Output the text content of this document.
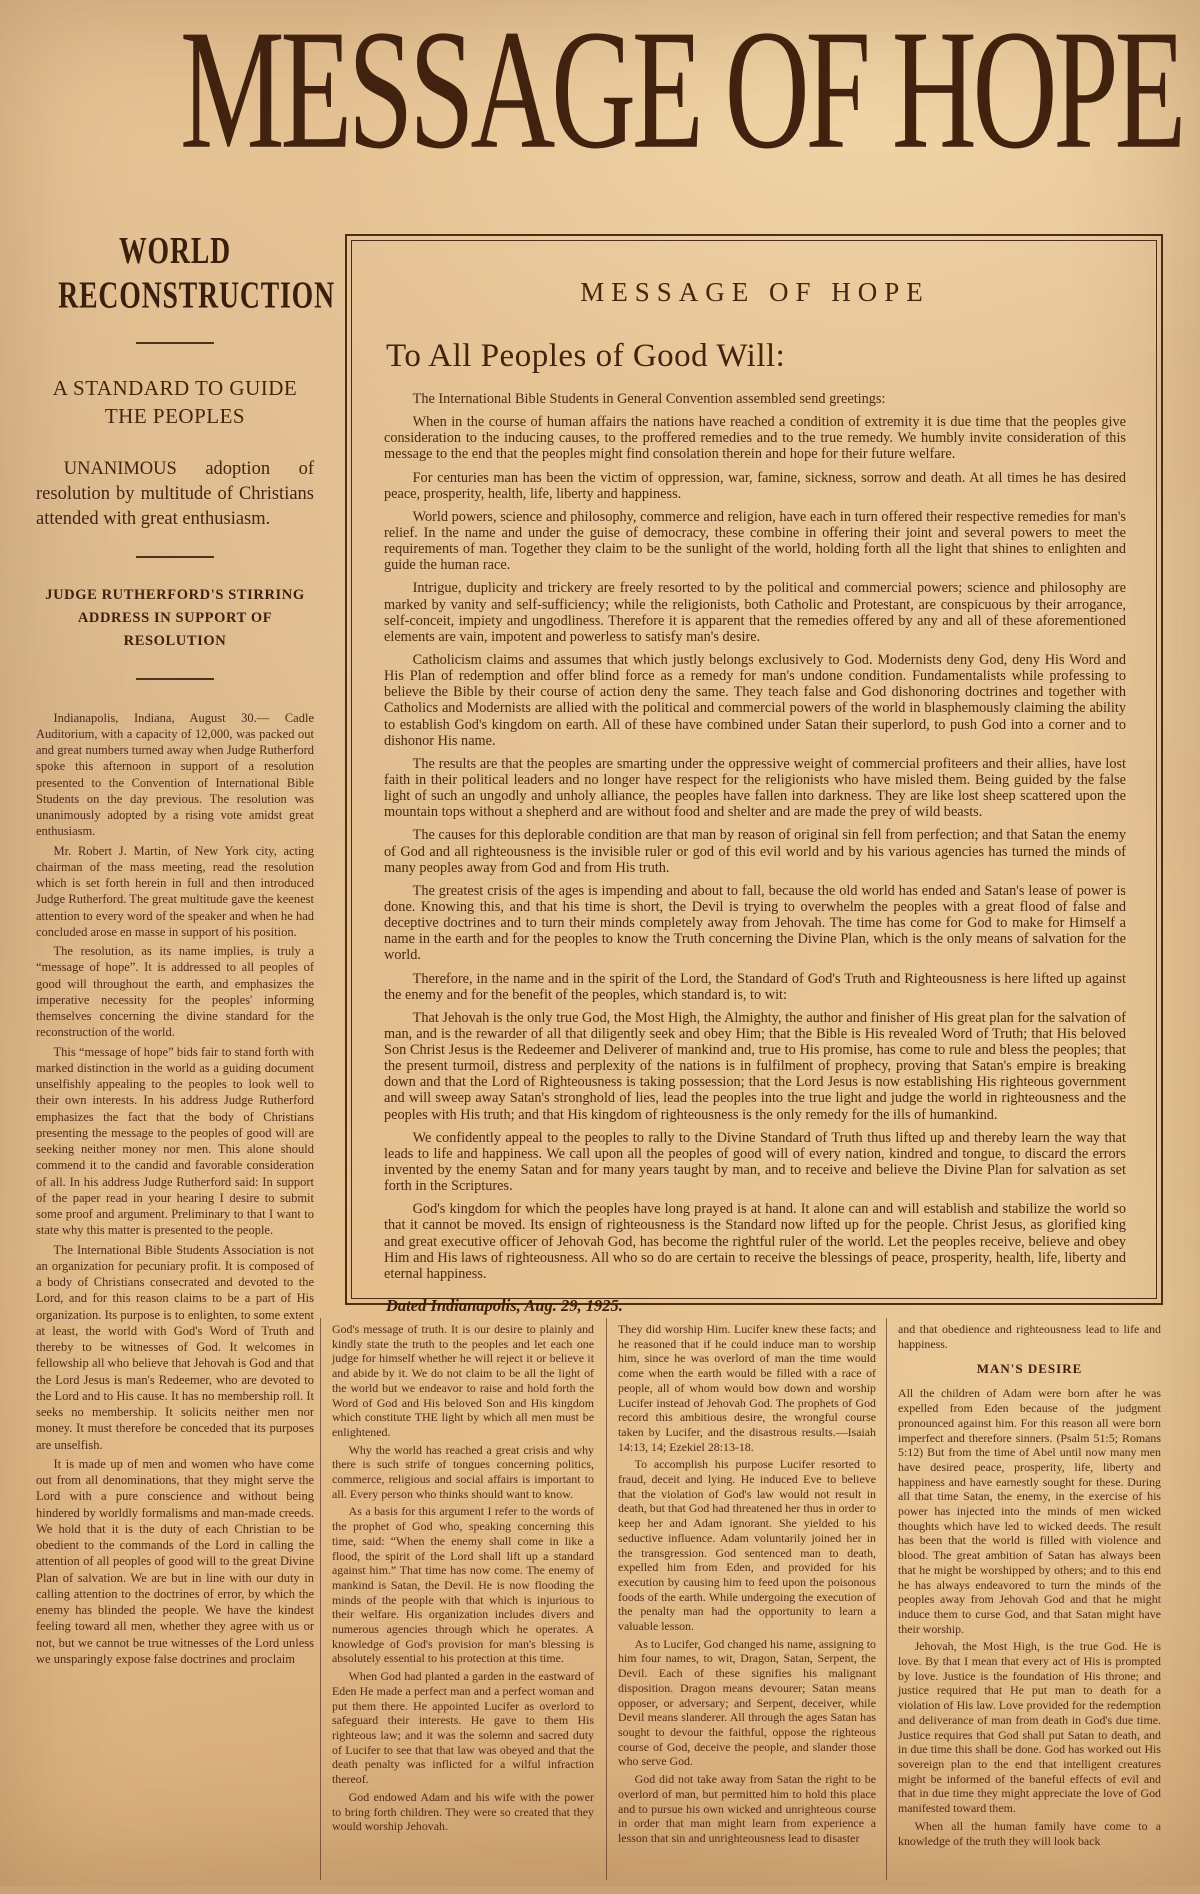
MESSAGE OF HOPE
WORLD RECONSTRUCTION
A STANDARD TO GUIDE THE PEOPLES

UNANIMOUS adoption of resolution by multitude of Christians attended with great enthusiasm.

JUDGE RUTHERFORD'S STIRRING ADDRESS IN SUPPORT OF RESOLUTION

Indianapolis, Indiana, August 30.— Cadle Auditorium, with a capacity of 12,000, was packed out and great numbers turned away when Judge Rutherford spoke this afternoon in support of a resolution presented to the Convention of International Bible Students on the day previous. The resolution was unanimously adopted by a rising vote amidst great enthusiasm.

Mr. Robert J. Martin, of New York city, acting chairman of the mass meeting, read the resolution which is set forth herein in full and then introduced Judge Rutherford. The great multitude gave the keenest attention to every word of the speaker and when he had concluded arose en masse in support of his position.

The resolution, as its name implies, is truly a “message of hope”. It is addressed to all peoples of good will throughout the earth, and emphasizes the imperative necessity for the peoples' informing themselves concerning the divine standard for the reconstruction of the world.

This “message of hope” bids fair to stand forth with marked distinction in the world as a guiding document unselfishly appealing to the peoples to look well to their own interests. In his address Judge Rutherford emphasizes the fact that the body of Christians presenting the message to the peoples of good will are seeking neither money nor men. This alone should commend it to the candid and favorable consideration of all. In his address Judge Rutherford said: In support of the paper read in your hearing I desire to submit some proof and argument. Preliminary to that I want to state why this matter is presented to the people.

The International Bible Students Association is not an organization for pecuniary profit. It is composed of a body of Christians consecrated and devoted to the Lord, and for this reason claims to be a part of His organization. Its purpose is to enlighten, to some extent at least, the world with God's Word of Truth and thereby to be witnesses of God. It welcomes in fellowship all who believe that Jehovah is God and that the Lord Jesus is man's Redeemer, who are devoted to the Lord and to His cause. It has no membership roll. It seeks no membership. It solicits neither men nor money. It must therefore be conceded that its purposes are unselfish.

It is made up of men and women who have come out from all denominations, that they might serve the Lord with a pure conscience and without being hindered by worldly formalisms and man-made creeds. We hold that it is the duty of each Christian to be obedient to the commands of the Lord in calling the attention of all peoples of good will to the great Divine Plan of salvation. We are but in line with our duty in calling attention to the doctrines of error, by which the enemy has blinded the people. We have the kindest feeling toward all men, whether they agree with us or not, but we cannot be true witnesses of the Lord unless we unsparingly expose false doctrines and proclaim

MESSAGE OF HOPE
To All Peoples of Good Will:

The International Bible Students in General Convention assembled send greetings:

When in the course of human affairs the nations have reached a condition of extremity it is due time that the peoples give consideration to the inducing causes, to the proffered remedies and to the true remedy. We humbly invite consideration of this message to the end that the peoples might find consolation therein and hope for their future welfare.

For centuries man has been the victim of oppression, war, famine, sickness, sorrow and death. At all times he has desired peace, prosperity, health, life, liberty and happiness.

World powers, science and philosophy, commerce and religion, have each in turn offered their respective remedies for man's relief. In the name and under the guise of democracy, these combine in offering their joint and several powers to meet the requirements of man. Together they claim to be the sunlight of the world, holding forth all the light that shines to enlighten and guide the human race.

Intrigue, duplicity and trickery are freely resorted to by the political and commercial powers; science and philosophy are marked by vanity and self-sufficiency; while the religionists, both Catholic and Protestant, are conspicuous by their arrogance, self-conceit, impiety and ungodliness. Therefore it is apparent that the remedies offered by any and all of these aforementioned elements are vain, impotent and powerless to satisfy man's desire.

Catholicism claims and assumes that which justly belongs exclusively to God. Modernists deny God, deny His Word and His Plan of redemption and offer blind force as a remedy for man's undone condition. Fundamentalists while professing to believe the Bible by their course of action deny the same. They teach false and God dishonoring doctrines and together with Catholics and Modernists are allied with the political and commercial powers of the world in blasphemously claiming the ability to establish God's kingdom on earth. All of these have combined under Satan their superlord, to push God into a corner and to dishonor His name.

The results are that the peoples are smarting under the oppressive weight of commercial profiteers and their allies, have lost faith in their political leaders and no longer have respect for the religionists who have misled them. Being guided by the false light of such an ungodly and unholy alliance, the peoples have fallen into darkness. They are like lost sheep scattered upon the mountain tops without a shepherd and are without food and shelter and are made the prey of wild beasts.

The causes for this deplorable condition are that man by reason of original sin fell from perfection; and that Satan the enemy of God and all righteousness is the invisible ruler or god of this evil world and by his various agencies has turned the minds of many peoples away from God and from His truth.

The greatest crisis of the ages is impending and about to fall, because the old world has ended and Satan's lease of power is done. Knowing this, and that his time is short, the Devil is trying to overwhelm the peoples with a great flood of false and deceptive doctrines and to turn their minds completely away from Jehovah. The time has come for God to make for Himself a name in the earth and for the peoples to know the Truth concerning the Divine Plan, which is the only means of salvation for the world.

Therefore, in the name and in the spirit of the Lord, the Standard of God's Truth and Righteousness is here lifted up against the enemy and for the benefit of the peoples, which standard is, to wit:

That Jehovah is the only true God, the Most High, the Almighty, the author and finisher of His great plan for the salvation of man, and is the rewarder of all that diligently seek and obey Him; that the Bible is His revealed Word of Truth; that His beloved Son Christ Jesus is the Redeemer and Deliverer of mankind and, true to His promise, has come to rule and bless the peoples; that the present turmoil, distress and perplexity of the nations is in fulfilment of prophecy, proving that Satan's empire is breaking down and that the Lord of Righteousness is taking possession; that the Lord Jesus is now establishing His righteous government and will sweep away Satan's stronghold of lies, lead the peoples into the true light and judge the world in righteousness and the peoples with His truth; and that His kingdom of righteousness is the only remedy for the ills of humankind.

We confidently appeal to the peoples to rally to the Divine Standard of Truth thus lifted up and thereby learn the way that leads to life and happiness. We call upon all the peoples of good will of every nation, kindred and tongue, to discard the errors invented by the enemy Satan and for many years taught by man, and to receive and believe the Divine Plan for salvation as set forth in the Scriptures.

God's kingdom for which the peoples have long prayed is at hand. It alone can and will establish and stabilize the world so that it cannot be moved. Its ensign of righteousness is the Standard now lifted up for the people. Christ Jesus, as glorified king and great executive officer of Jehovah God, has become the rightful ruler of the world. Let the peoples receive, believe and obey Him and His laws of righteousness. All who so do are certain to receive the blessings of peace, prosperity, health, life, liberty and eternal happiness.

Dated Indianapolis, Aug. 29, 1925.

God's message of truth. It is our desire to plainly and kindly state the truth to the peoples and let each one judge for himself whether he will reject it or believe it and abide by it. We do not claim to be all the light of the world but we endeavor to raise and hold forth the Word of God and His beloved Son and His kingdom which constitute THE light by which all men must be enlightened.

Why the world has reached a great crisis and why there is such strife of tongues concerning politics, commerce, religious and social affairs is important to all. Every person who thinks should want to know.

As a basis for this argument I refer to the words of the prophet of God who, speaking concerning this time, said: “When the enemy shall come in like a flood, the spirit of the Lord shall lift up a standard against him.” That time has now come. The enemy of mankind is Satan, the Devil. He is now flooding the minds of the people with that which is injurious to their welfare. His organization includes divers and numerous agencies through which he operates. A knowledge of God's provision for man's blessing is absolutely essential to his protection at this time.

When God had planted a garden in the eastward of Eden He made a perfect man and a perfect woman and put them there. He appointed Lucifer as overlord to safeguard their interests. He gave to them His righteous law; and it was the solemn and sacred duty of Lucifer to see that that law was obeyed and that the death penalty was inflicted for a wilful infraction thereof.

God endowed Adam and his wife with the power to bring forth children. They were so created that they would worship Jehovah.

They did worship Him. Lucifer knew these facts; and he reasoned that if he could induce man to worship him, since he was overlord of man the time would come when the earth would be filled with a race of people, all of whom would bow down and worship Lucifer instead of Jehovah God. The prophets of God record this ambitious desire, the wrongful course taken by Lucifer, and the disastrous results.—Isaiah 14:13, 14; Ezekiel 28:13-18.

To accomplish his purpose Lucifer resorted to fraud, deceit and lying. He induced Eve to believe that the violation of God's law would not result in death, but that God had threatened her thus in order to keep her and Adam ignorant. She yielded to his seductive influence. Adam voluntarily joined her in the transgression. God sentenced man to death, expelled him from Eden, and provided for his execution by causing him to feed upon the poisonous foods of the earth. While undergoing the execution of the penalty man had the opportunity to learn a valuable lesson.

As to Lucifer, God changed his name, assigning to him four names, to wit, Dragon, Satan, Serpent, the Devil. Each of these signifies his malignant disposition. Dragon means devourer; Satan means opposer, or adversary; and Serpent, deceiver, while Devil means slanderer. All through the ages Satan has sought to devour the faithful, oppose the righteous course of God, deceive the people, and slander those who serve God.

God did not take away from Satan the right to be overlord of man, but permitted him to hold this place and to pursue his own wicked and unrighteous course in order that man might learn from experience a lesson that sin and unrighteousness lead to disaster

and that obedience and righteousness lead to life and happiness.

MAN'S DESIRE

All the children of Adam were born after he was expelled from Eden because of the judgment pronounced against him. For this reason all were born imperfect and therefore sinners. (Psalm 51:5; Romans 5:12) But from the time of Abel until now many men have desired peace, prosperity, life, liberty and happiness and have earnestly sought for these. During all that time Satan, the enemy, in the exercise of his power has injected into the minds of men wicked thoughts which have led to wicked deeds. The result has been that the world is filled with violence and blood. The great ambition of Satan has always been that he might be worshipped by others; and to this end he has always endeavored to turn the minds of the peoples away from Jehovah God and that he might induce them to curse God, and that Satan might have their worship.

Jehovah, the Most High, is the true God. He is love. By that I mean that every act of His is prompted by love. Justice is the foundation of His throne; and justice required that He put man to death for a violation of His law. Love provided for the redemption and deliverance of man from death in God's due time. Justice requires that God shall put Satan to death, and in due time this shall be done. God has worked out His sovereign plan to the end that intelligent creatures might be informed of the baneful effects of evil and that in due time they might appreciate the love of God manifested toward them.

When all the human family have come to a knowledge of the truth they will look back
